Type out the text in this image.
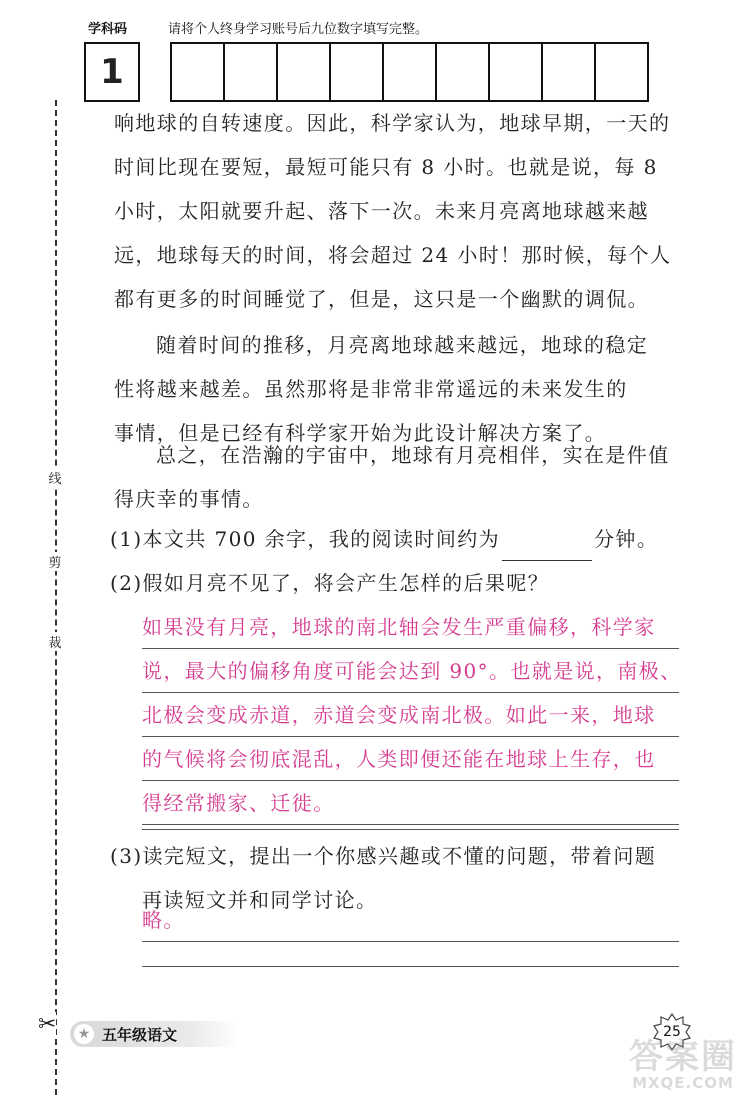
学科码	请将个人终身学习账号后九位数字填写完整。
1
线
剪
裁
✂
响地球的自转速度。因此，科学家认为，地球早期，一天的
时间比现在要短，最短可能只有 8 小时。也就是说，每 8
小时，太阳就要升起、落下一次。未来月亮离地球越来越
远，地球每天的时间，将会超过 24 小时！那时候，每个人
都有更多的时间睡觉了，但是，这只是一个幽默的调侃。
随着时间的推移，月亮离地球越来越远，地球的稳定
性将越来越差。虽然那将是非常非常遥远的未来发生的
事情，但是已经有科学家开始为此设计解决方案了。
总之，在浩瀚的宇宙中，地球有月亮相伴，实在是件值
得庆幸的事情。
(1)本文共 700 余字，我的阅读时间约为	分钟。
(2)假如月亮不见了，将会产生怎样的后果呢？
如果没有月亮，地球的南北轴会发生严重偏移，科学家
说，最大的偏移角度可能会达到 90°。也就是说，南极、
北极会变成赤道，赤道会变成南北极。如此一来，地球
的气候将会彻底混乱，人类即便还能在地球上生存，也
得经常搬家、迁徙。
(3)读完短文，提出一个你感兴趣或不懂的问题，带着问题
再读短文并和同学讨论。
略。
★ 五年级语文	25
答案圈
MXQE.COM
